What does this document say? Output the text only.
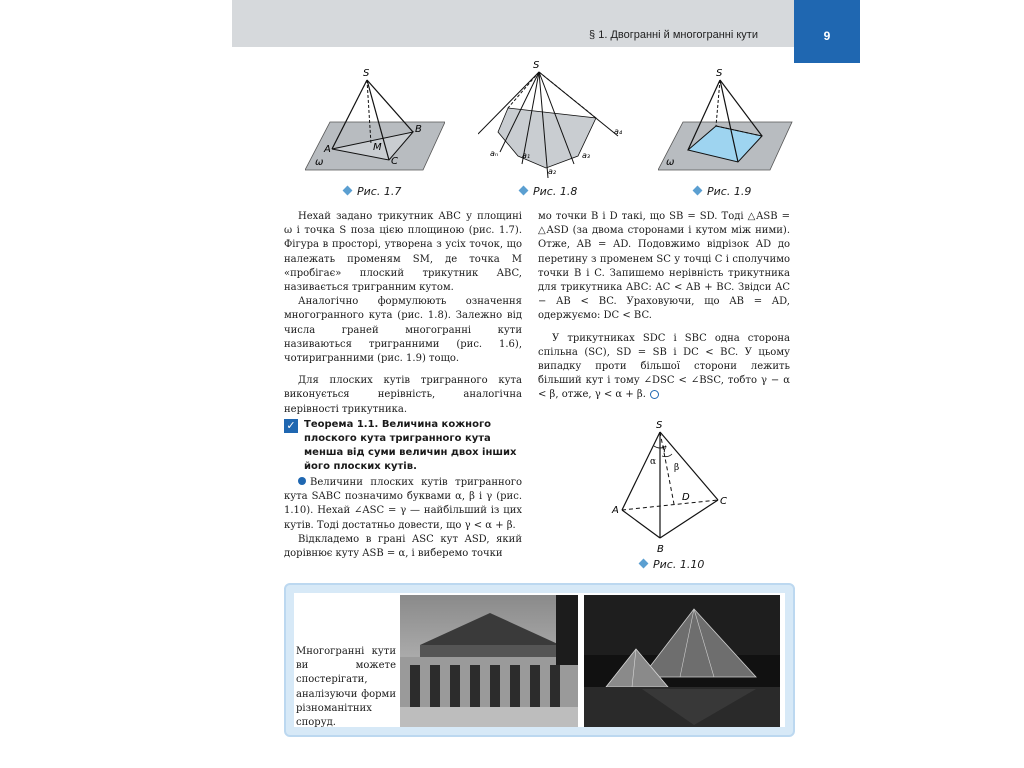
§ 1. Двогранні й многогранні кути	9
S
A
B
C
M
ω
Рис. 1.7
S
aₙ	a₁
a₂
a₃
a₄
Рис. 1.8
S
ω
Рис. 1.9

Нехай задано трикутник ABC у площині ω і точка S поза цією площиною (рис. 1.7). Фігура в просторі, утворена з усіх точок, що належать променям SM, де точка M «пробігає» плоский трикутник ABC, називається тригранним кутом.

Аналогічно формулюють означення многогранного кута (рис. 1.8). Залежно від числа граней многогранні кути називаються тригранними (рис. 1.6), чотиригранними (рис. 1.9) тощо.

Для плоских кутів тригранного кута виконується нерівність, аналогічна нерівності трикутника.

✓ Теорема 1.1. Величина кожного плоского кута тригранного кута менша від суми величин двох інших його плоских кутів.

Величини плоских кутів тригранного кута SABC позначимо буквами α, β і γ (рис. 1.10). Нехай ∠ASC = γ — найбільший із цих кутів. Тоді достатньо довести, що γ < α + β.

Відкладемо в грані ASC кут ASD, який дорівнює куту ASB = α, і виберемо точки

мо точки B і D такі, що SB = SD. Тоді △ASB = △ASD (за двома сторонами і кутом між ними). Отже, AB = AD. Подовжимо відрізок AD до перетину з променем SC у точці C і сполучимо точки B і C. Запишемо нерівність трикутника для трикутника ABC: AC < AB + BC. Звідси AC − AB < BC. Ураховуючи, що AB = AD, одержуємо: DC < BC.

У трикутниках SDC і SBC одна сторона спільна (SC), SD = SB і DC < BC. У цьому випадку проти більшої сторони лежить більший кут і тому ∠DSC < ∠BSC, тобто γ − α < β, отже, γ < α + β.

S
A
C
B
D
α
β
γ
Рис. 1.10
Многогранні кути ви можете спостерігати, аналізуючи форми різноманітних споруд.
